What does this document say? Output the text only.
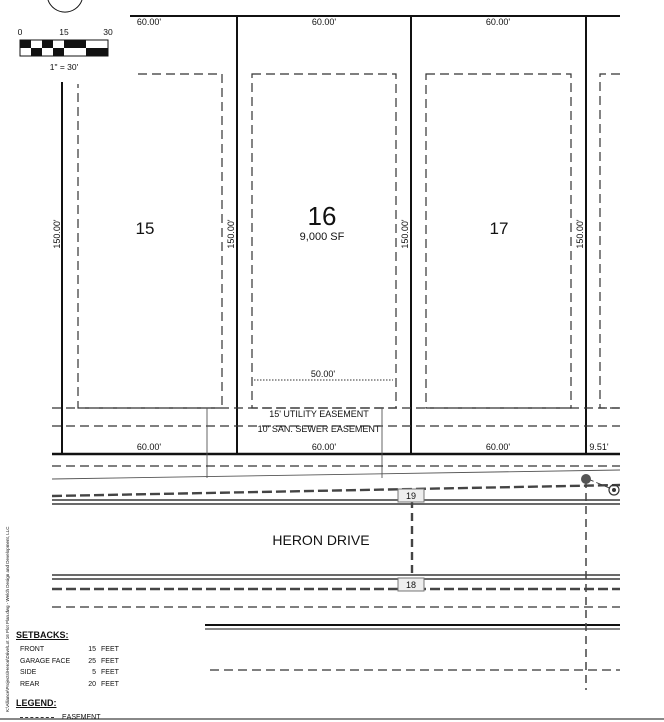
0	15	30
1" = 30'
60.00'	60.00'	60.00'
150.00'	150.00'	150.00'	150.00'
15	16
9,000 SF	17
50.00'
15' UTILITY EASEMENT
10' SAN. SEWER EASEMENT
60.00'	60.00'	60.00'	9.51'
19
18
HERON DRIVE
K:\Alliance\Projects\Heron\Drive\Lot 16 Plot Plan.dwg - Welch Design and Development, LLC SETBACKS:
FRONT	15 FEET
GARAGE FACE	25 FEET
SIDE	5 FEET
REAR	20 FEET
LEGEND:
EASEMENT
